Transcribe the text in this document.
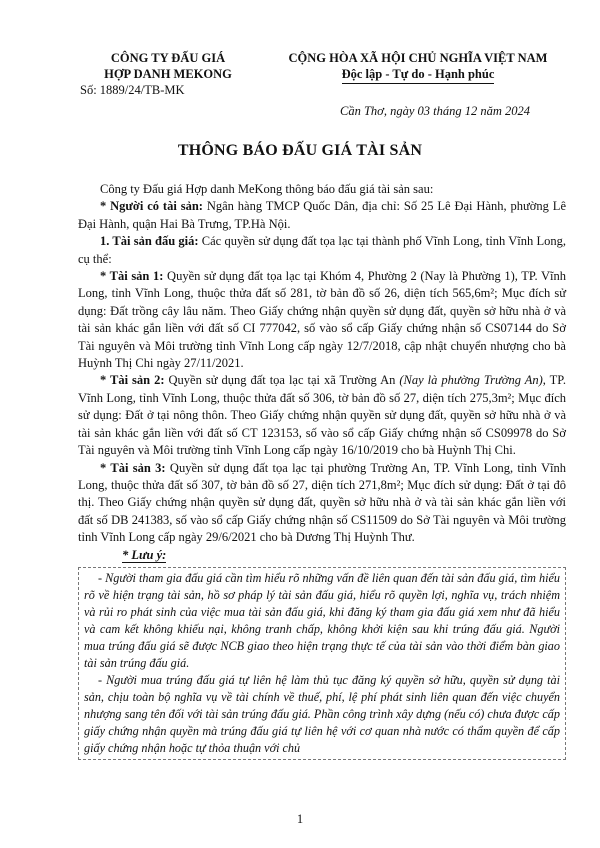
CÔNG TY ĐẤU GIÁ
HỢP DANH MEKONG
Số: 1889/24/TB-MK
CỘNG HÒA XÃ HỘI CHỦ NGHĨA VIỆT NAM
Độc lập - Tự do - Hạnh phúc
Cần Thơ, ngày 03 tháng 12 năm 2024
THÔNG BÁO ĐẤU GIÁ TÀI SẢN

Công ty Đấu giá Hợp danh MeKong thông báo đấu giá tài sản sau:

* Người có tài sản: Ngân hàng TMCP Quốc Dân, địa chỉ: Số 25 Lê Đại Hành, phường Lê Đại Hành, quận Hai Bà Trưng, TP.Hà Nội.

1. Tài sản đấu giá: Các quyền sử dụng đất tọa lạc tại thành phố Vĩnh Long, tỉnh Vĩnh Long, cụ thể:

* Tài sản 1: Quyền sử dụng đất tọa lạc tại Khóm 4, Phường 2 (Nay là Phường 1), TP. Vĩnh Long, tỉnh Vĩnh Long, thuộc thửa đất số 281, tờ bản đồ số 26, diện tích 565,6m²; Mục đích sử dụng: Đất trồng cây lâu năm. Theo Giấy chứng nhận quyền sử dụng đất, quyền sở hữu nhà ở và tài sản khác gắn liền với đất số CI 777042, số vào sổ cấp Giấy chứng nhận số CS07144 do Sở Tài nguyên và Môi trường tỉnh Vĩnh Long cấp ngày 12/7/2018, cập nhật chuyển nhượng cho bà Huỳnh Thị Chi ngày 27/11/2021.

* Tài sản 2: Quyền sử dụng đất tọa lạc tại xã Trường An (Nay là phường Trường An), TP. Vĩnh Long, tỉnh Vĩnh Long, thuộc thửa đất số 306, tờ bản đồ số 27, diện tích 275,3m²; Mục đích sử dụng: Đất ở tại nông thôn. Theo Giấy chứng nhận quyền sử dụng đất, quyền sở hữu nhà ở và tài sản khác gắn liền với đất số CT 123153, số vào sổ cấp Giấy chứng nhận số CS09978 do Sở Tài nguyên và Môi trường tỉnh Vĩnh Long cấp ngày 16/10/2019 cho bà Huỳnh Thị Chi.

* Tài sản 3: Quyền sử dụng đất tọa lạc tại phường Trường An, TP. Vĩnh Long, tỉnh Vĩnh Long, thuộc thửa đất số 307, tờ bản đồ số 27, diện tích 271,8m²; Mục đích sử dụng: Đất ở tại đô thị. Theo Giấy chứng nhận quyền sử dụng đất, quyền sở hữu nhà ở và tài sản khác gắn liền với đất số DB 241383, số vào sổ cấp Giấy chứng nhận số CS11509 do Sở Tài nguyên và Môi trường tỉnh Vĩnh Long cấp ngày 29/6/2021 cho bà Dương Thị Huỳnh Thư.

* Lưu ý:

- Người tham gia đấu giá cần tìm hiểu rõ những vấn đề liên quan đến tài sản đấu giá, tìm hiểu rõ về hiện trạng tài sản, hồ sơ pháp lý tài sản đấu giá, hiểu rõ quyền lợi, nghĩa vụ, trách nhiệm và rủi ro phát sinh của việc mua tài sản đấu giá, khi đăng ký tham gia đấu giá xem như đã hiểu và cam kết không khiếu nại, không tranh chấp, không khởi kiện sau khi trúng đấu giá. Người mua trúng đấu giá sẽ được NCB giao theo hiện trạng thực tế của tài sản vào thời điểm bàn giao tài sản trúng đấu giá.

- Người mua trúng đấu giá tự liên hệ làm thủ tục đăng ký quyền sở hữu, quyền sử dụng tài sản, chịu toàn bộ nghĩa vụ về tài chính về thuế, phí, lệ phí phát sinh liên quan đến việc chuyển nhượng sang tên đối với tài sản trúng đấu giá. Phần công trình xây dựng (nếu có) chưa được cấp giấy chứng nhận quyền mà trúng đấu giá tự liên hệ với cơ quan nhà nước có thẩm quyền để cấp giấy chứng nhận hoặc tự thỏa thuận với chủ

1
